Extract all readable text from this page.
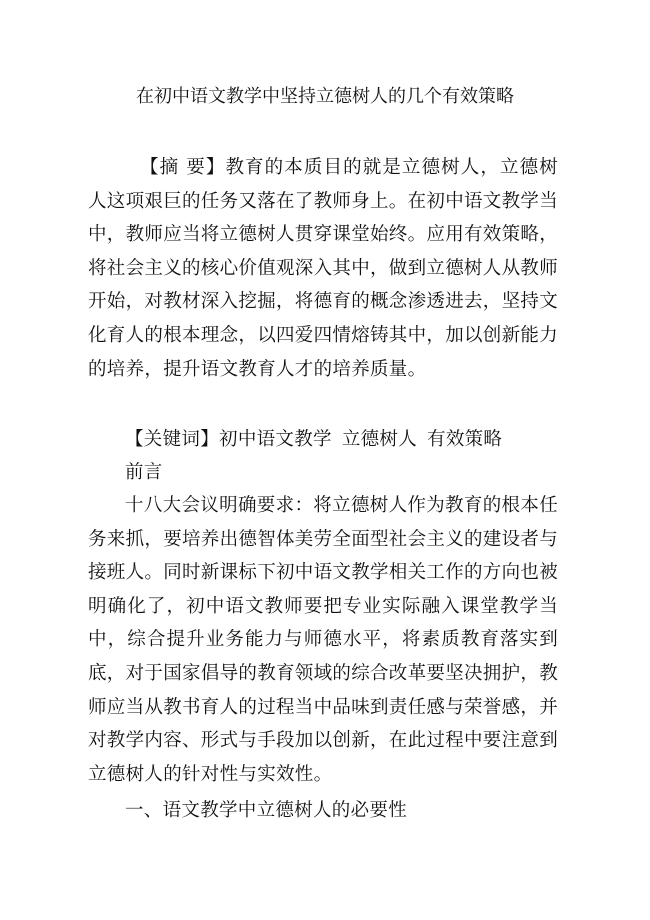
在初中语文教学中坚持立德树人的几个有效策略

【摘 要】教育的本质目的就是立德树人，立德树人这项艰巨的任务又落在了教师身上。在初中语文教学当中，教师应当将立德树人贯穿课堂始终。应用有效策略，将社会主义的核心价值观深入其中，做到立德树人从教师开始，对教材深入挖掘，将德育的概念渗透进去，坚持文化育人的根本理念，以四爱四情熔铸其中，加以创新能力的培养，提升语文教育人才的培养质量。

【关键词】初中语文教学 立德树人 有效策略

前言

十八大会议明确要求：将立德树人作为教育的根本任务来抓，要培养出德智体美劳全面型社会主义的建设者与接班人。同时新课标下初中语文教学相关工作的方向也被明确化了，初中语文教师要把专业实际融入课堂教学当中，综合提升业务能力与师德水平，将素质教育落实到底，对于国家倡导的教育领域的综合改革要坚决拥护，教师应当从教书育人的过程当中品味到责任感与荣誉感，并对教学内容、形式与手段加以创新，在此过程中要注意到立德树人的针对性与实效性。

一、语文教学中立德树人的必要性
